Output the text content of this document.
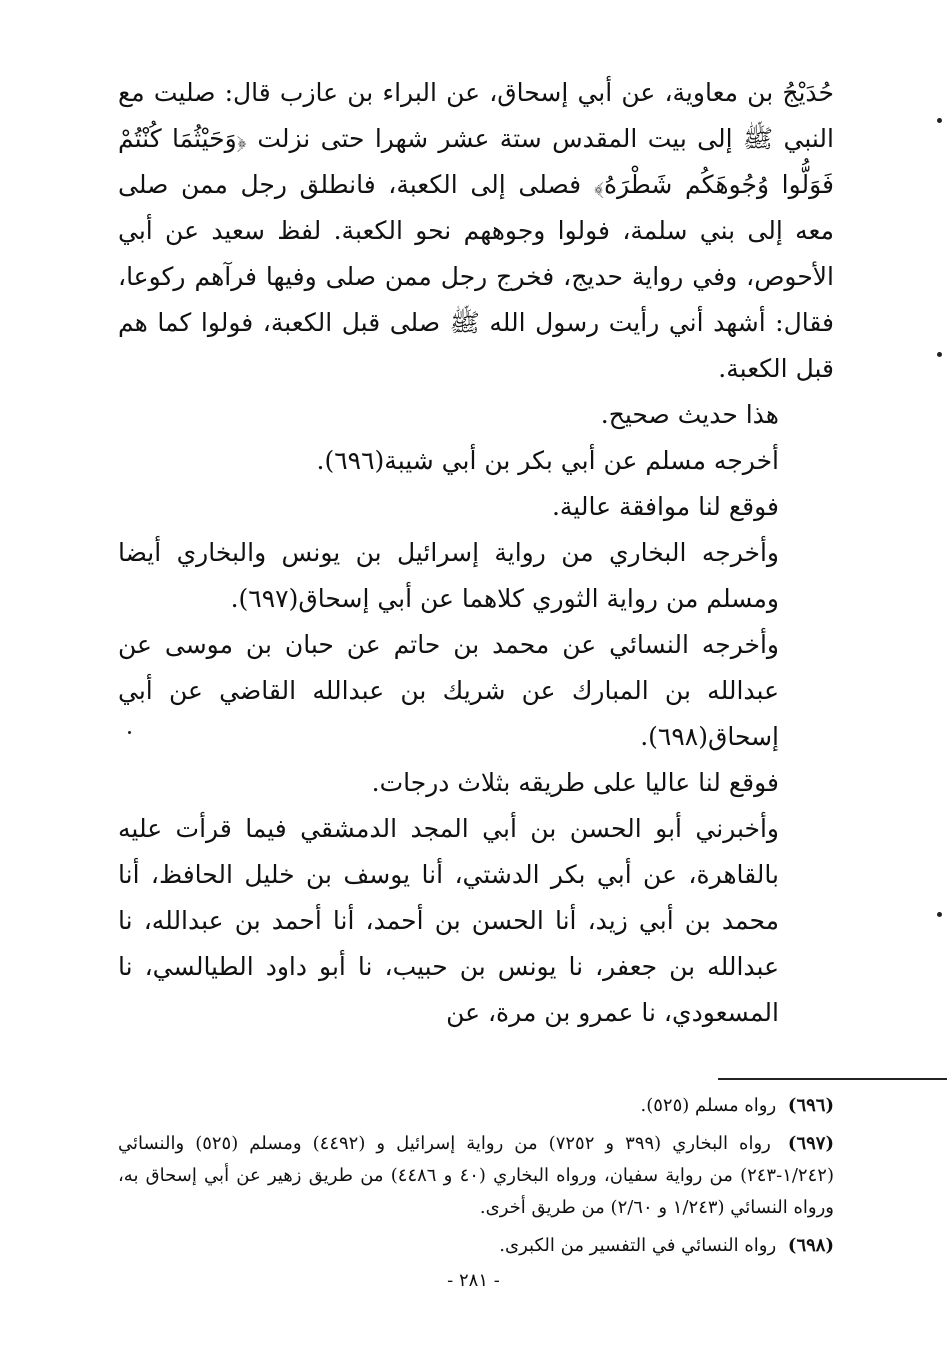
حُدَيْجُ بن معاوية، عن أبي إسحاق، عن البراء بن عازب قال: صليت مع النبي ﷺ إلى بيت المقدس ستة عشر شهرا حتى نزلت ﴿وَحَيْثُمَا كُنْتُمْ فَوَلُّوا وُجُوهَكُم شَطْرَهُ﴾ فصلى إلى الكعبة، فانطلق رجل ممن صلى معه إلى بني سلمة، فولوا وجوههم نحو الكعبة. لفظ سعيد عن أبي الأحوص، وفي رواية حديج، فخرج رجل ممن صلى وفيها فرآهم ركوعا، فقال: أشهد أني رأيت رسول الله ﷺ صلى قبل الكعبة، فولوا كما هم قبل الكعبة.

هذا حديث صحيح.

أخرجه مسلم عن أبي بكر بن أبي شيبة(٦٩٦).

فوقع لنا موافقة عالية.

وأخرجه البخاري من رواية إسرائيل بن يونس والبخاري أيضا ومسلم من رواية الثوري كلاهما عن أبي إسحاق(٦٩٧).

وأخرجه النسائي عن محمد بن حاتم عن حبان بن موسى عن عبدالله بن المبارك عن شريك بن عبدالله القاضي عن أبي إسحاق(٦٩٨).

فوقع لنا عاليا على طريقه بثلاث درجات.

وأخبرني أبو الحسن بن أبي المجد الدمشقي فيما قرأت عليه بالقاهرة، عن أبي بكر الدشتي، أنا يوسف بن خليل الحافظ، أنا محمد بن أبي زيد، أنا الحسن بن أحمد، أنا أحمد بن عبدالله، نا عبدالله بن جعفر، نا يونس بن حبيب، نا أبو داود الطيالسي، نا المسعودي، نا عمرو بن مرة، عن

(٦٩٦) رواه مسلم (٥٢٥).

(٦٩٧) رواه البخاري (٣٩٩ و ٧٢٥٢) من رواية إسرائيل و (٤٤٩٢) ومسلم (٥٢٥) والنسائي (١/٢٤٢-٢٤٣) من رواية سفيان، ورواه البخاري (٤٠ و ٤٤٨٦) من طريق زهير عن أبي إسحاق به، ورواه النسائي (١/٢٤٣ و ٢/٦٠) من طريق أخرى.

(٦٩٨) رواه النسائي في التفسير من الكبرى.

- ٢٨١ -
